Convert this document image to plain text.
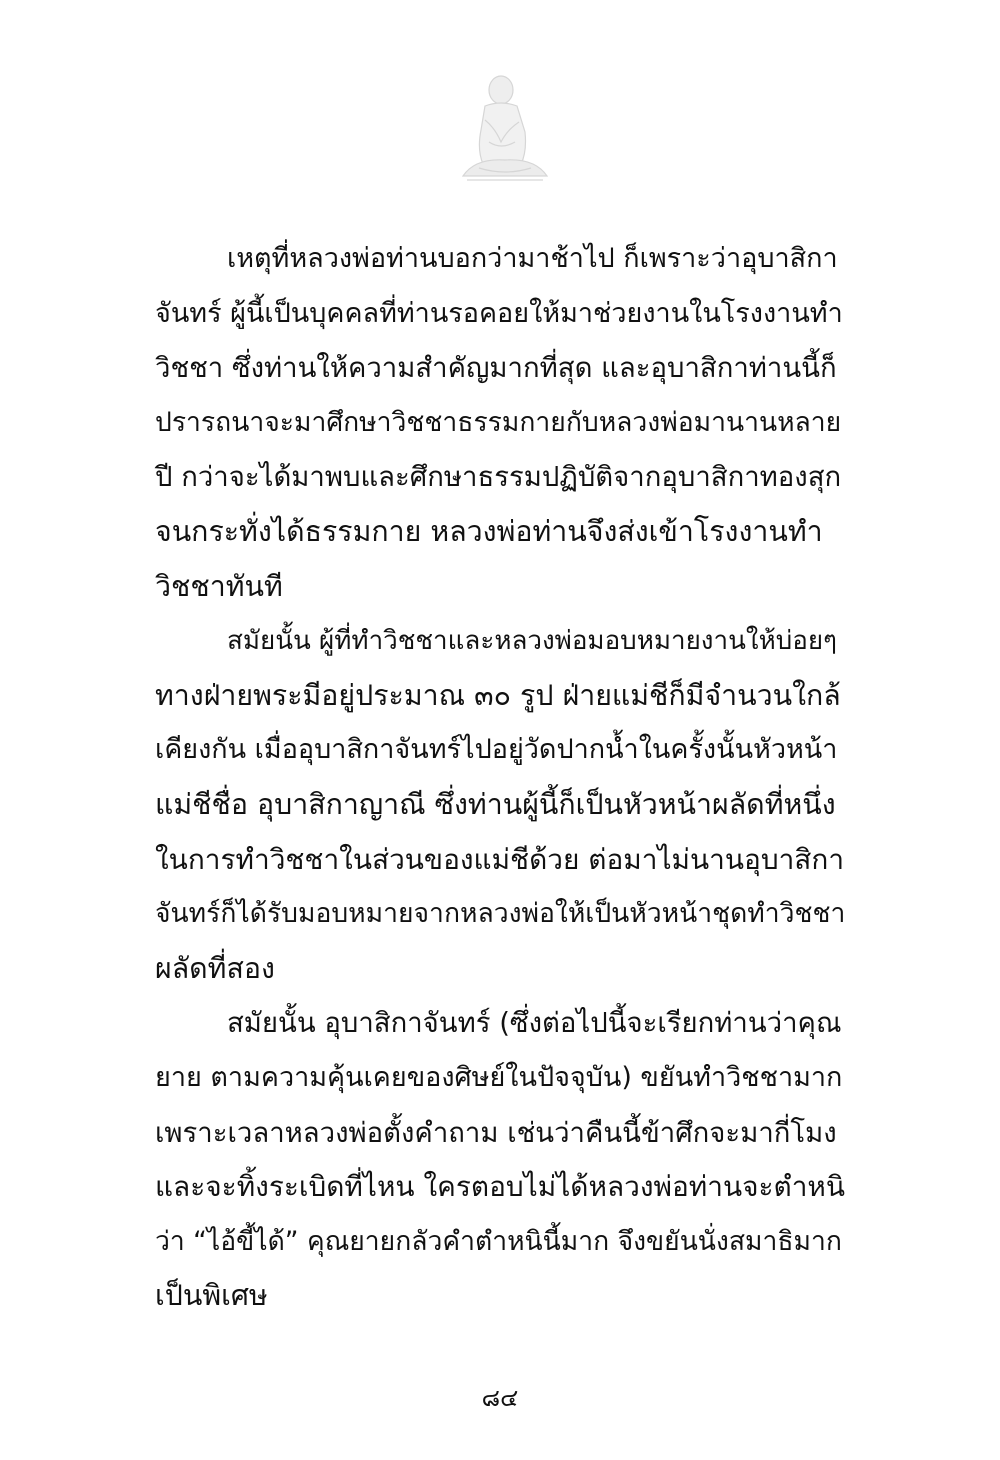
เหตุที่หลวงพ่อท่านบอกว่ามาช้าไป ก็เพราะว่าอุบาสิกา
จันทร์ ผู้นี้เป็นบุคคลที่ท่านรอคอยให้มาช่วยงานในโรงงานทำ
วิชชา ซึ่งท่านให้ความสำคัญมากที่สุด และอุบาสิกาท่านนี้ก็
ปรารถนาจะมาศึกษาวิชชาธรรมกายกับหลวงพ่อมานานหลาย
ปี กว่าจะได้มาพบและศึกษาธรรมปฏิบัติจากอุบาสิกาทองสุก
จนกระทั่งได้ธรรมกาย หลวงพ่อท่านจึงส่งเข้าโรงงานทำ
วิชชาทันที
สมัยนั้น ผู้ที่ทำวิชชาและหลวงพ่อมอบหมายงานให้บ่อยๆ
ทางฝ่ายพระมีอยู่ประมาณ ๓๐ รูป ฝ่ายแม่ชีก็มีจำนวนใกล้
เคียงกัน เมื่ออุบาสิกาจันทร์ไปอยู่วัดปากน้ำในครั้งนั้นหัวหน้า
แม่ชีชื่อ อุบาสิกาญาณี ซึ่งท่านผู้นี้ก็เป็นหัวหน้าผลัดที่หนึ่ง
ในการทำวิชชาในส่วนของแม่ชีด้วย ต่อมาไม่นานอุบาสิกา
จันทร์ก็ได้รับมอบหมายจากหลวงพ่อให้เป็นหัวหน้าชุดทำวิชชา
ผลัดที่สอง
สมัยนั้น อุบาสิกาจันทร์ (ซึ่งต่อไปนี้จะเรียกท่านว่าคุณ
ยาย ตามความคุ้นเคยของศิษย์ในปัจจุบัน) ขยันทำวิชชามาก
เพราะเวลาหลวงพ่อตั้งคำถาม เช่นว่าคืนนี้ข้าศึกจะมากี่โมง
และจะทิ้งระเบิดที่ไหน ใครตอบไม่ได้หลวงพ่อท่านจะตำหนิ
ว่า “ไอ้ขี้ได้” คุณยายกลัวคำตำหนินี้มาก จึงขยันนั่งสมาธิมาก
เป็นพิเศษ
๘๔
